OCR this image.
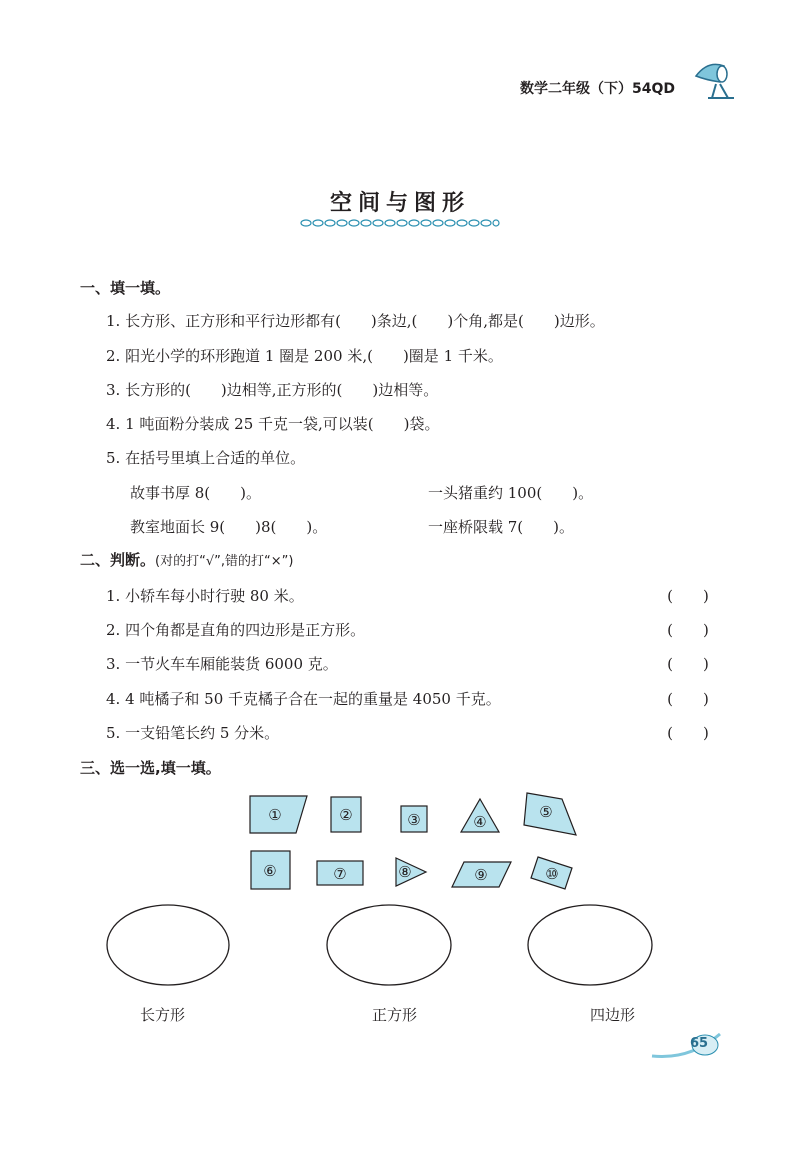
数学二年级（下）54QD
空间与图形
一、填一填。
1. 长方形、正方形和平行边形都有(　　)条边,(　　)个角,都是(　　)边形。
2. 阳光小学的环形跑道 1 圈是 200 米,(　　)圈是 1 千米。
3. 长方形的(　　)边相等,正方形的(　　)边相等。
4. 1 吨面粉分装成 25 千克一袋,可以装(　　)袋。
5. 在括号里填上合适的单位。
故事书厚 8(　　)。	一头猪重约 100(　　)。
教室地面长 9(　　)8(　　)。	一座桥限载 7(　　)。
二、判断。(对的打“√”,错的打“×”)
1. 小轿车每小时行驶 80 米。	(　　)
2. 四个角都是直角的四边形是正方形。	(　　)
3. 一节火车车厢能装货 6000 克。	(　　)
4. 4 吨橘子和 50 千克橘子合在一起的重量是 4050 千克。	(　　)
5. 一支铅笔长约 5 分米。	(　　)
三、选一选,填一填。
①	②	③	④
⑤
⑥	⑦	⑧	⑨	⑩
长方形	正方形	四边形
65
